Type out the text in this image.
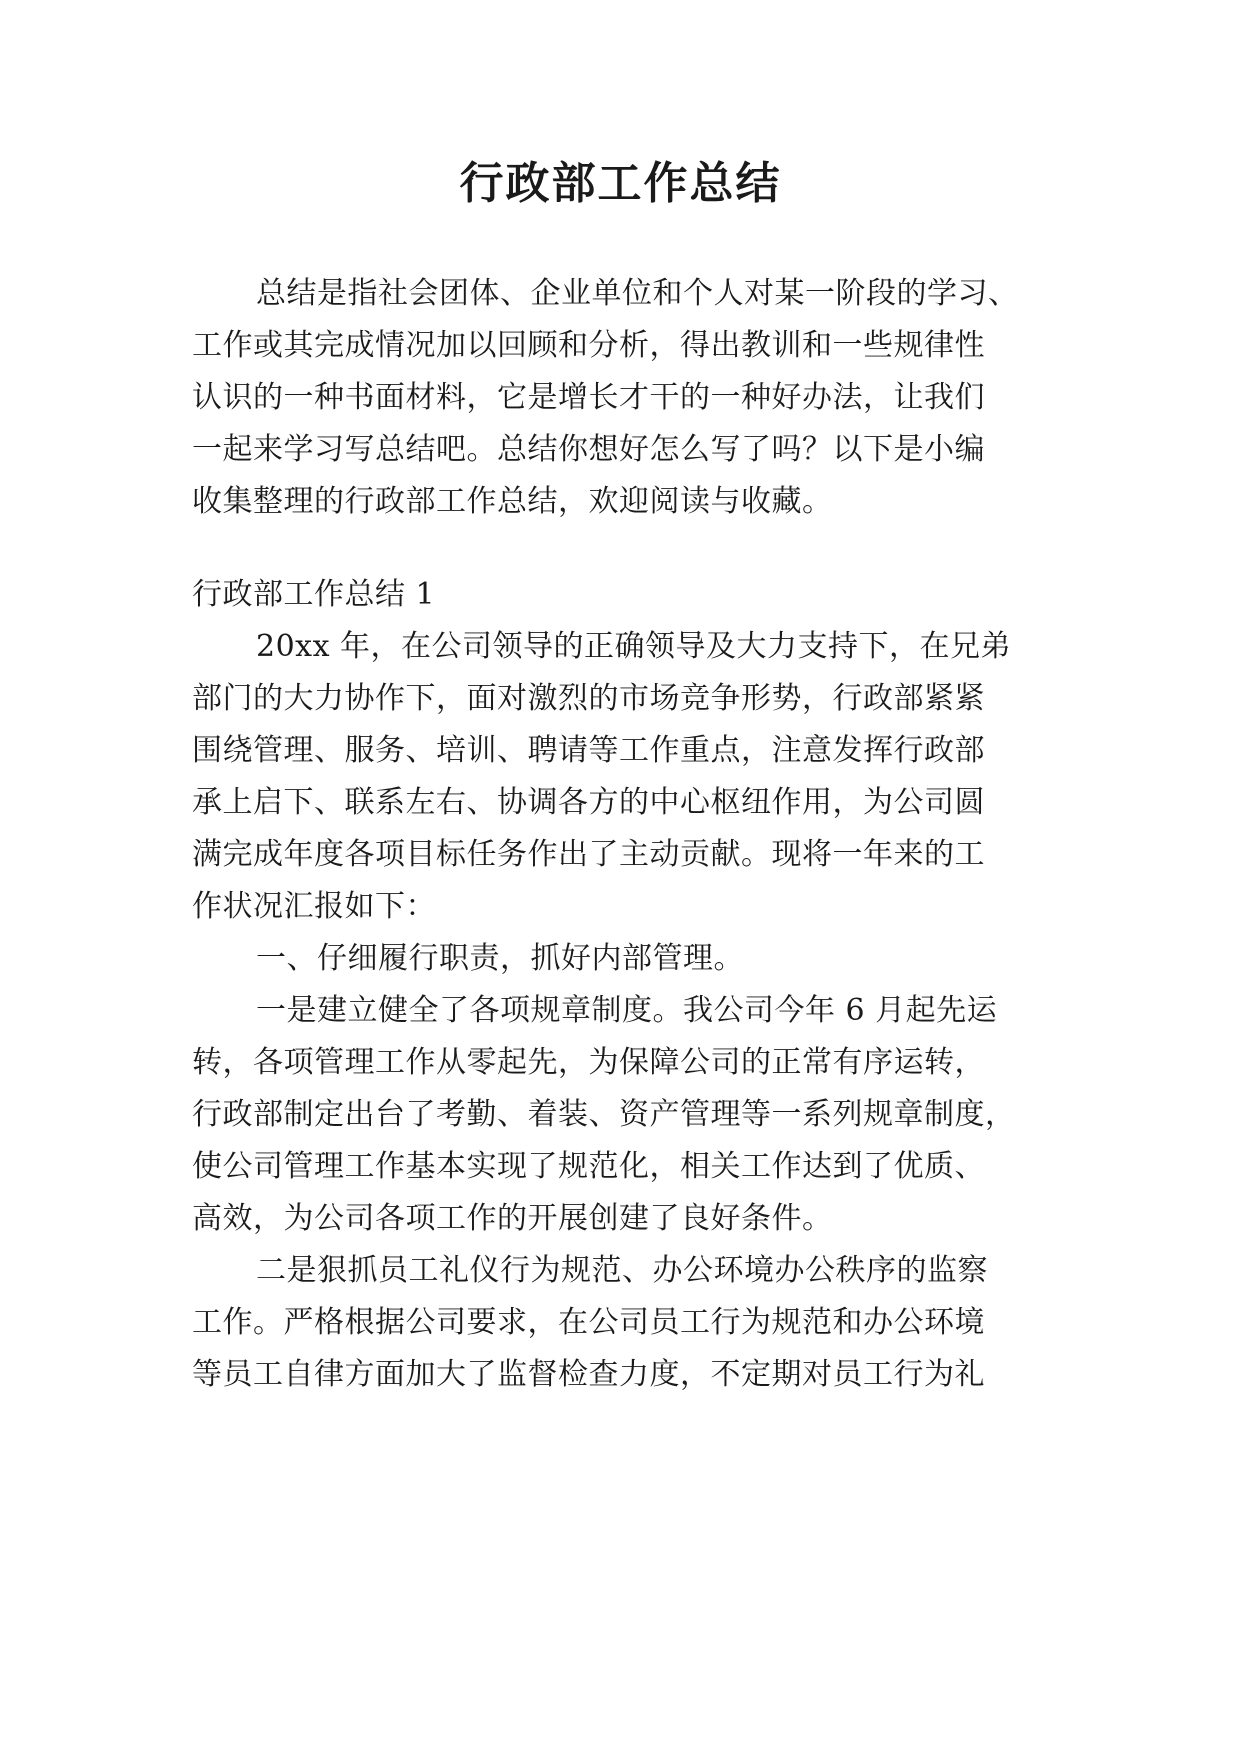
行政部工作总结
总结是指社会团体、企业单位和个人对某一阶段的学习、
工作或其完成情况加以回顾和分析，得出教训和一些规律性
认识的一种书面材料，它是增长才干的一种好办法，让我们
一起来学习写总结吧。总结你想好怎么写了吗？以下是小编
收集整理的行政部工作总结，欢迎阅读与收藏。
行政部工作总结 1
20xx 年，在公司领导的正确领导及大力支持下，在兄弟
部门的大力协作下，面对激烈的市场竞争形势，行政部紧紧
围绕管理、服务、培训、聘请等工作重点，注意发挥行政部
承上启下、联系左右、协调各方的中心枢纽作用，为公司圆
满完成年度各项目标任务作出了主动贡献。现将一年来的工
作状况汇报如下：
一、仔细履行职责，抓好内部管理。
一是建立健全了各项规章制度。我公司今年 6 月起先运
转，各项管理工作从零起先，为保障公司的正常有序运转，
行政部制定出台了考勤、着装、资产管理等一系列规章制度，
使公司管理工作基本实现了规范化，相关工作达到了优质、
高效，为公司各项工作的开展创建了良好条件。
二是狠抓员工礼仪行为规范、办公环境办公秩序的监察
工作。严格根据公司要求，在公司员工行为规范和办公环境
等员工自律方面加大了监督检查力度，不定期对员工行为礼
